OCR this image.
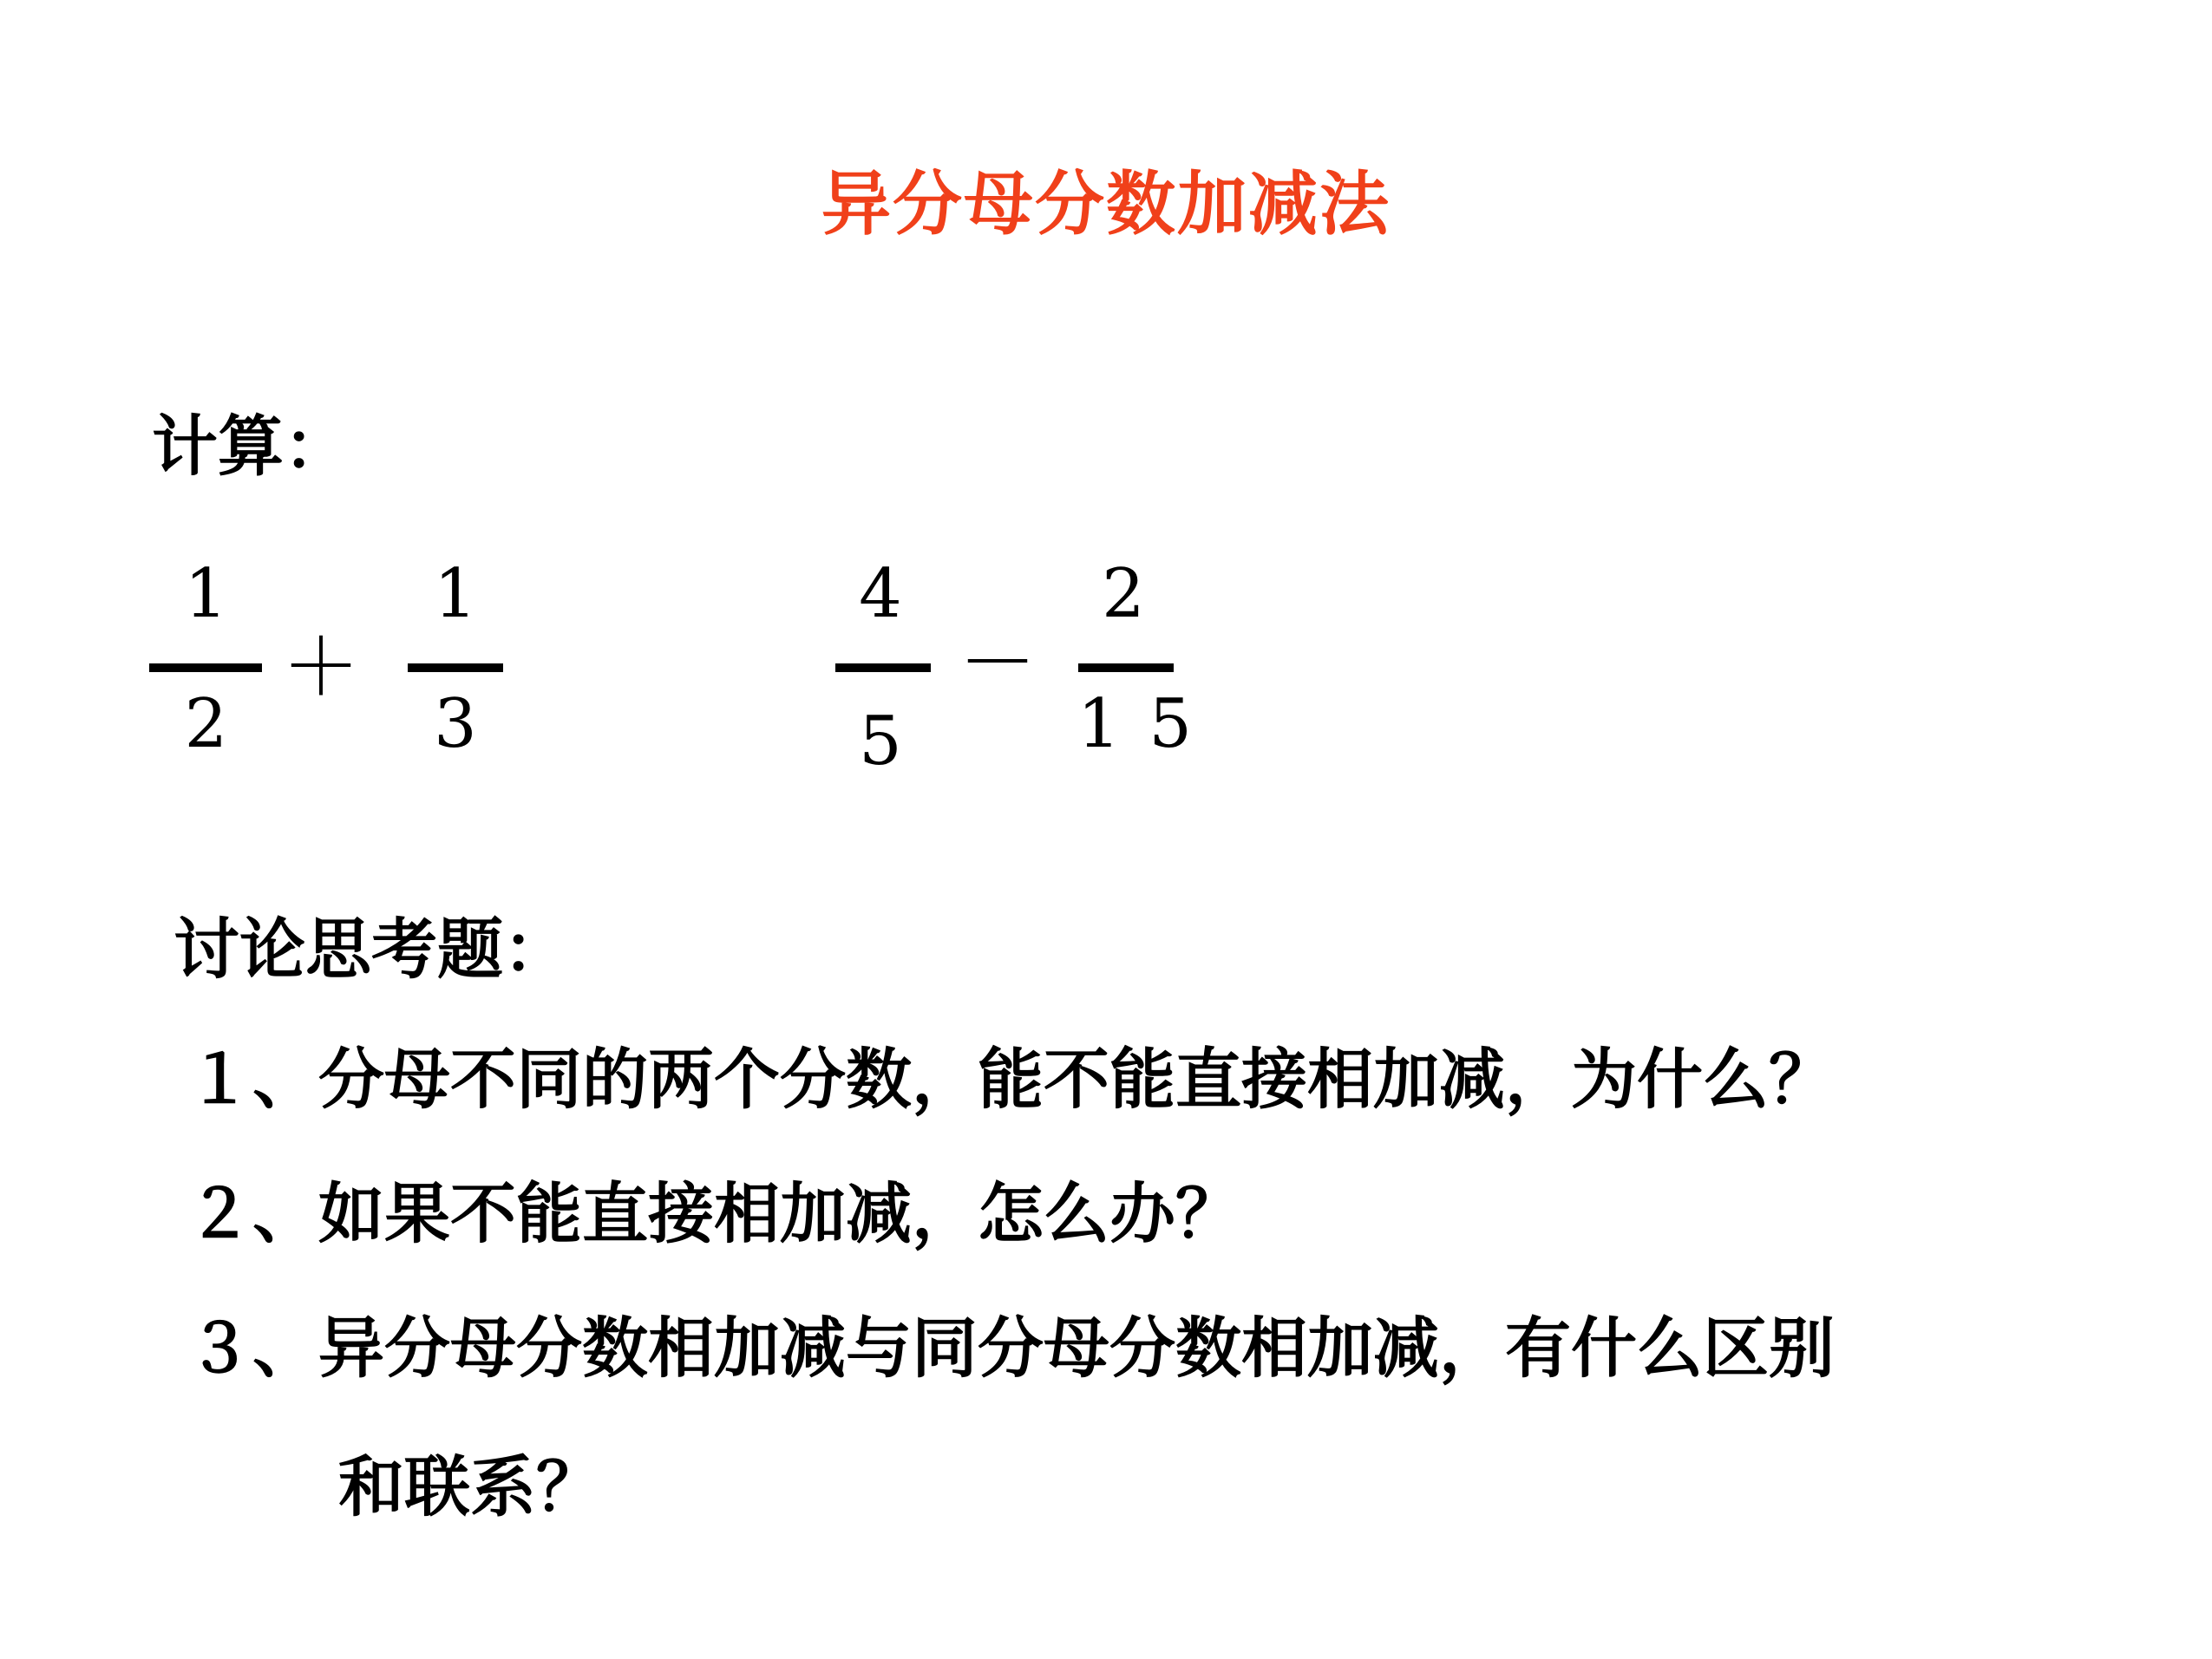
异分母分数加减法
计算：
1
2
＋
1
3
4
5
－
2
1 5
讨论思考题：
１、分母不同的两个分数，能不能直接相加减，为什么？
２、如果不能直接相加减，怎么办？
３、异分母分数相加减与同分母分数相加减，有什么区别
和联系？
